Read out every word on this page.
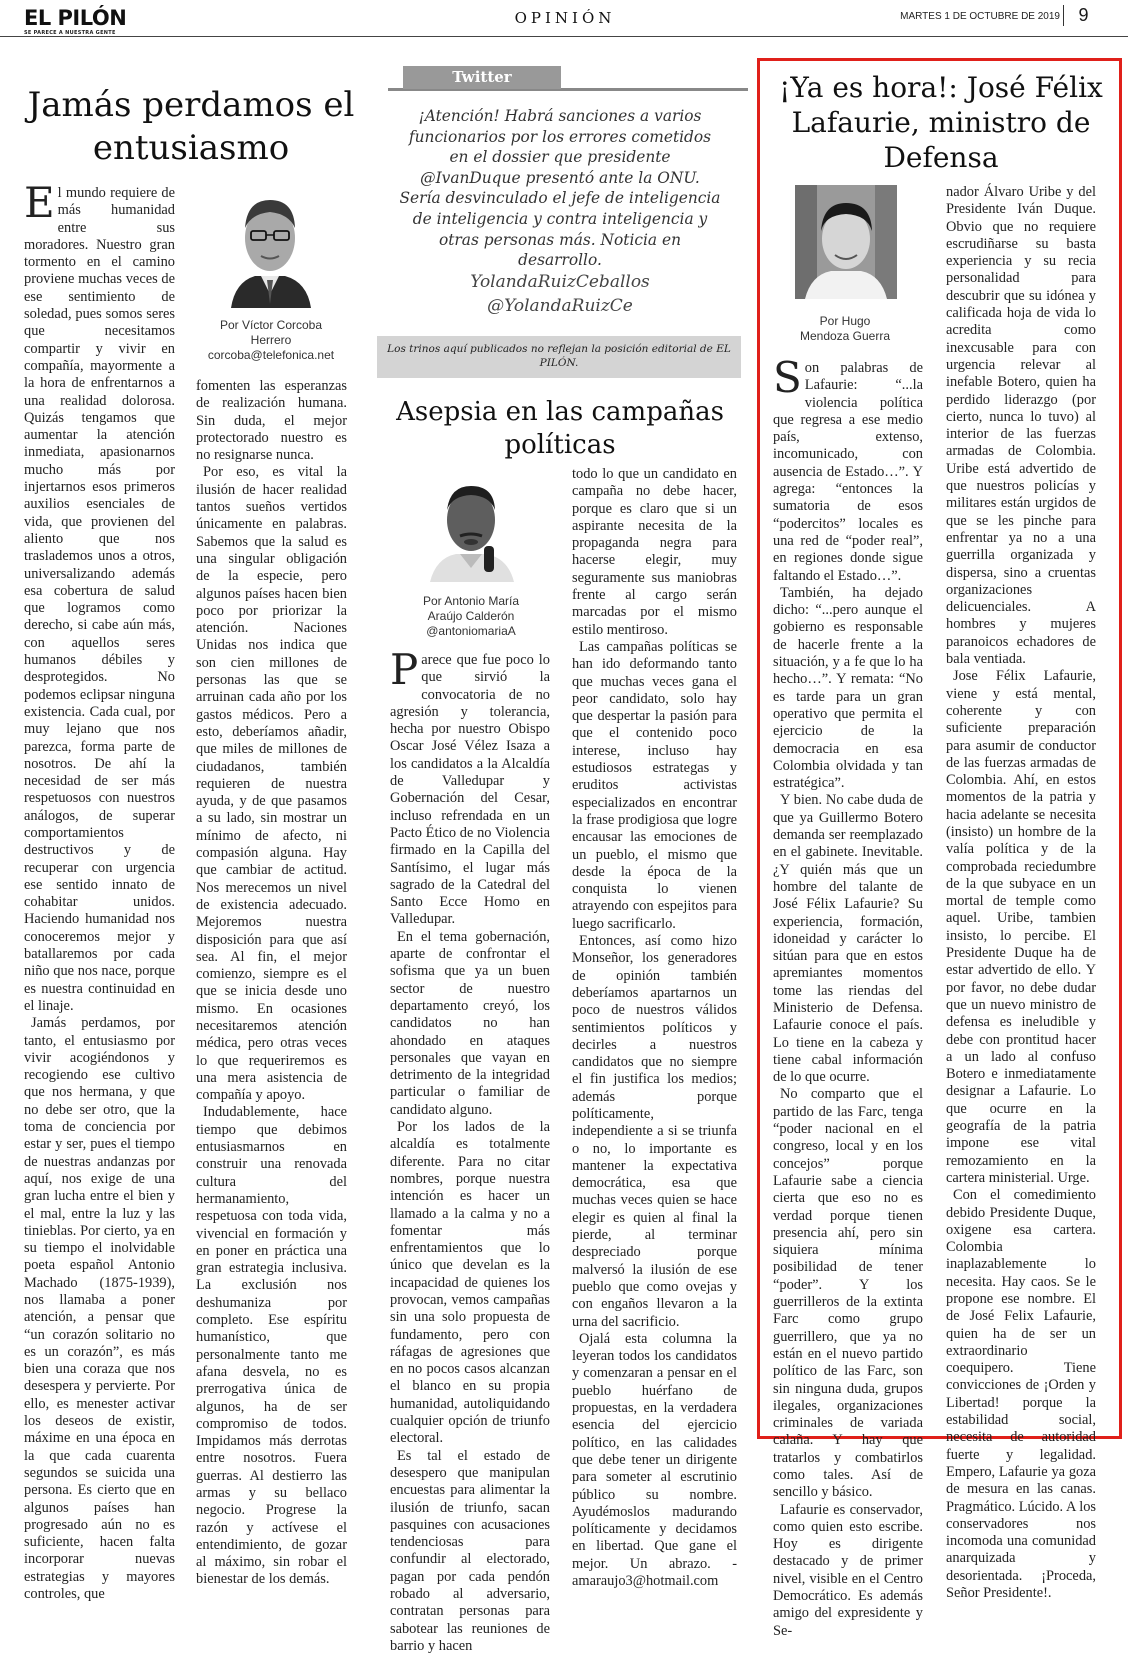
EL PILÓN
SE PARECE A NUESTRA GENTE
OPINIÓN	MARTES 1 DE OCTUBRE DE 2019	9
Jamás perdamos el entusiasmo
Por Víctor Corcoba
Herrero
corcoba@telefonica.net

El mundo requiere de más humanidad entre sus moradores. Nuestro gran tormento en el camino proviene muchas veces de ese sentimiento de soledad, pues somos seres que necesitamos compartir y vivir en compañía, mayormente a la hora de enfrentarnos a una realidad dolorosa. Quizás tengamos que aumentar la atención inmediata, apasionarnos mucho más por injertarnos esos primeros auxilios esenciales de vida, que provienen del aliento que nos traslademos unos a otros, universalizando además esa cobertura de salud que logramos como derecho, si cabe aún más, con aquellos seres humanos débiles y desprotegidos. No podemos eclipsar ninguna existencia. Cada cual, por muy lejano que nos parezca, forma parte de nosotros. De ahí la necesidad de ser más respetuosos con nuestros análogos, de superar comportamientos destructivos y de recuperar con urgencia ese sentido innato de cohabitar unidos. Haciendo humanidad nos conoceremos mejor y batallaremos por cada niño que nos nace, porque es nuestra continuidad en el linaje.

Jamás perdamos, por tanto, el entusiasmo por vivir acogiéndonos y recogiendo ese cultivo que nos hermana, y que no debe ser otro, que la toma de conciencia por estar y ser, pues el tiempo de nuestras andanzas por aquí, nos exige de una gran lucha entre el bien y el mal, entre la luz y las tinieblas. Por cierto, ya en su tiempo el inolvidable poeta español Antonio Machado (1875-1939), nos llamaba a poner atención, a pensar que “un corazón solitario no es un corazón”, es más bien una coraza que nos desespera y pervierte. Por ello, es menester activar los deseos de existir, máxime en una época en la que cada cuarenta segundos se suicida una persona. Es cierto que en algunos países han progresado aún no es suficiente, hacen falta incorporar nuevas estrategias y mayores controles, que

fomenten las esperanzas de realización humana. Sin duda, el mejor protectorado nuestro es no resignarse nunca.

Por eso, es vital la ilusión de hacer realidad tantos sueños vertidos únicamente en palabras. Sabemos que la salud es una singular obligación de la especie, pero algunos países hacen bien poco por priorizar la atención. Naciones Unidas nos indica que son cien millones de personas las que se arruinan cada año por los gastos médicos. Pero a esto, deberíamos añadir, que miles de millones de ciudadanos, también requieren de nuestra ayuda, y de que pasamos a su lado, sin mostrar un mínimo de afecto, ni compasión alguna. Hay que cambiar de actitud. Nos merecemos un nivel de existencia adecuado. Mejoremos nuestra disposición para que así sea. Al fin, el mejor comienzo, siempre es el que se inicia desde uno mismo. En ocasiones necesitaremos atención médica, pero otras veces lo que requeriremos es una mera asistencia de compañía y apoyo.

Indudablemente, hace tiempo que debimos entusiasmarnos en construir una renovada cultura del hermanamiento, respetuosa con toda vida, vivencial en formación y en poner en práctica una gran estrategia inclusiva. La exclusión nos deshumaniza por completo. Ese espíritu humanístico, que personalmente tanto me afana desvela, no es prerrogativa única de algunos, ha de ser compromiso de todos. Impidamos más derrotas entre nosotros. Fuera guerras. Al destierro las armas y su bellaco negocio. Progrese la razón y actívese el entendimiento, de gozar al máximo, sin robar el bienestar de los demás.

Twitter
¡Atención! Habrá sanciones a varios funcionarios por los errores cometidos en el dossier que presidente @IvanDuque presentó ante la ONU. Sería desvinculado el jefe de inteligencia de inteligencia y contra inteligencia y otras personas más. Noticia en desarrollo.
YolandaRuizCeballos
@YolandaRuizCe
Los trinos aquí publicados no reflejan la posición editorial de EL PILÓN.
Asepsia en las campañas políticas
Por Antonio María
Araújo Calderón
@antoniomariaA

Parece que fue poco lo que sirvió la convocatoria de no agresión y tolerancia, hecha por nuestro Obispo Oscar José Vélez Isaza a los candidatos a la Alcaldía de Valledupar y Gobernación del Cesar, incluso refrendada en un Pacto Ético de no Violencia firmado en la Capilla del Santísimo, el lugar más sagrado de la Catedral del Santo Ecce Homo en Valledupar.

En el tema gobernación, aparte de confrontar el sofisma que ya un buen sector de nuestro departamento creyó, los candidatos no han ahondado en ataques personales que vayan en detrimento de la integridad particular o familiar de candidato alguno.

Por los lados de la alcaldía es totalmente diferente. Para no citar nombres, porque nuestra intención es hacer un llamado a la calma y no a fomentar más enfrentamientos que lo único que develan es la incapacidad de quienes los provocan, vemos campañas sin una solo propuesta de fundamento, pero con ráfagas de agresiones que en no pocos casos alcanzan el blanco en su propia humanidad, autoliquidando cualquier opción de triunfo electoral.

Es tal el estado de desespero que manipulan encuestas para alimentar la ilusión de triunfo, sacan pasquines con acusaciones tendenciosas para confundir al electorado, pagan por cada pendón robado al adversario, contratan personas para sabotear las reuniones de barrio y hacen

todo lo que un candidato en campaña no debe hacer, porque es claro que si un aspirante necesita de la propaganda negra para hacerse elegir, muy seguramente sus maniobras frente al cargo serán marcadas por el mismo estilo mentiroso.

Las campañas políticas se han ido deformando tanto que muchas veces gana el peor candidato, solo hay que despertar la pasión para que el contenido poco interese, incluso hay estudiosos estrategas y eruditos activistas especializados en encontrar la frase prodigiosa que logre encausar las emociones de un pueblo, el mismo que desde la época de la conquista lo vienen atrayendo con espejitos para luego sacrificarlo.

Entonces, así como hizo Monseñor, los generadores de opinión también deberíamos apartarnos un poco de nuestros válidos sentimientos políticos y decirles a nuestros candidatos que no siempre el fin justifica los medios; además porque políticamente, independiente a si se triunfa o no, lo importante es mantener la expectativa democrática, esa que muchas veces quien se hace elegir es quien al final la pierde, al terminar despreciado porque malversó la ilusión de ese pueblo que como ovejas y con engaños llevaron a la urna del sacrificio.

Ojalá esta columna la leyeran todos los candidatos y comenzaran a pensar en el pueblo huérfano de propuestas, en la verdadera esencia del ejercicio político, en las calidades que debe tener un dirigente para someter al escrutinio público su nombre. Ayudémoslos madurando políticamente y decidamos en libertad. Que gane el mejor. Un abrazo. - amaraujo3@hotmail.com

¡Ya es hora!: José Félix Lafaurie, ministro de Defensa
Por Hugo
Mendoza Guerra

Son palabras de Lafaurie: “...la violencia política que regresa a ese medio país, extenso, incomunicado, con ausencia de Estado…”. Y agrega: “entonces la sumatoria de esos “podercitos” locales es una red de “poder real”, en regiones donde sigue faltando el Estado…”.

También, ha dejado dicho: “...pero aunque el gobierno es responsable de hacerle frente a la situación, y a fe que lo ha hecho…”. Y remata: “No es tarde para un gran operativo que permita el ejercicio de la democracia en esa Colombia olvidada y tan estratégica”.

Y bien. No cabe duda de que ya Guillermo Botero demanda ser reemplazado en el gabinete. Inevitable. ¿Y quién más que un hombre del talante de José Félix Lafaurie? Su experiencia, formación, idoneidad y carácter lo sitúan para que en estos apremiantes momentos tome las riendas del Ministerio de Defensa. Lafaurie conoce el país. Lo tiene en la cabeza y tiene cabal información de lo que ocurre.

No comparto que el partido de las Farc, tenga “poder nacional en el congreso, local y en los concejos” porque Lafaurie sabe a ciencia cierta que eso no es verdad porque tienen presencia ahí, pero sin siquiera mínima posibilidad de tener “poder”. Y los guerrilleros de la extinta Farc como grupo guerrillero, que ya no están en el nuevo partido político de las Farc, son sin ninguna duda, grupos ilegales, organizaciones criminales de variada calaña. Y hay que tratarlos y combatirlos como tales. Así de sencillo y básico.

Lafaurie es conservador, como quien esto escribe. Hoy es dirigente destacado y de primer nivel, visible en el Centro Democrático. Es además amigo del expresidente y Se-

nador Álvaro Uribe y del Presidente Iván Duque. Obvio que no requiere escrudiñarse su basta experiencia y su recia personalidad para descubrir que su idónea y calificada hoja de vida lo acredita como inexcusable para con urgencia relevar al inefable Botero, quien ha perdido liderazgo (por cierto, nunca lo tuvo) al interior de las fuerzas armadas de Colombia. Uribe está advertido de que nuestros policías y militares están urgidos de que se les pinche para enfrentar ya no a una guerrilla organizada y dispersa, sino a cruentas organizaciones delicuenciales. A hombres y mujeres paranoicos echadores de bala ventiada.

Jose Félix Lafaurie, viene y está mental, coherente y con suficiente preparación para asumir de conductor de las fuerzas armadas de Colombia. Ahí, en estos momentos de la patria y hacia adelante se necesita (insisto) un hombre de la valía política y de la comprobada reciedumbre de la que subyace en un mortal de temple como aquel. Uribe, tambien insisto, lo percibe. El Presidente Duque ha de estar advertido de ello. Y por favor, no debe dudar que un nuevo ministro de defensa es ineludible y debe con prontitud hacer a un lado al confuso Botero e inmediatamente designar a Lafaurie. Lo que ocurre en la geografía de la patria impone ese vital remozamiento en la cartera ministerial. Urge.

Con el comedimiento debido Presidente Duque, oxigene esa cartera. Colombia inaplazablemente lo necesita. Hay caos. Se le propone ese nombre. El de José Felix Lafaurie, quien ha de ser un extraordinario coequipero. Tiene convicciones de ¡Orden y Libertad! porque la estabilidad social, necesita de autoridad fuerte y legalidad. Empero, Lafaurie ya goza de mesura en las canas. Pragmático. Lúcido. A los conservadores nos incomoda una comunidad anarquizada y desorientada. ¡Proceda, Señor Presidente!.
